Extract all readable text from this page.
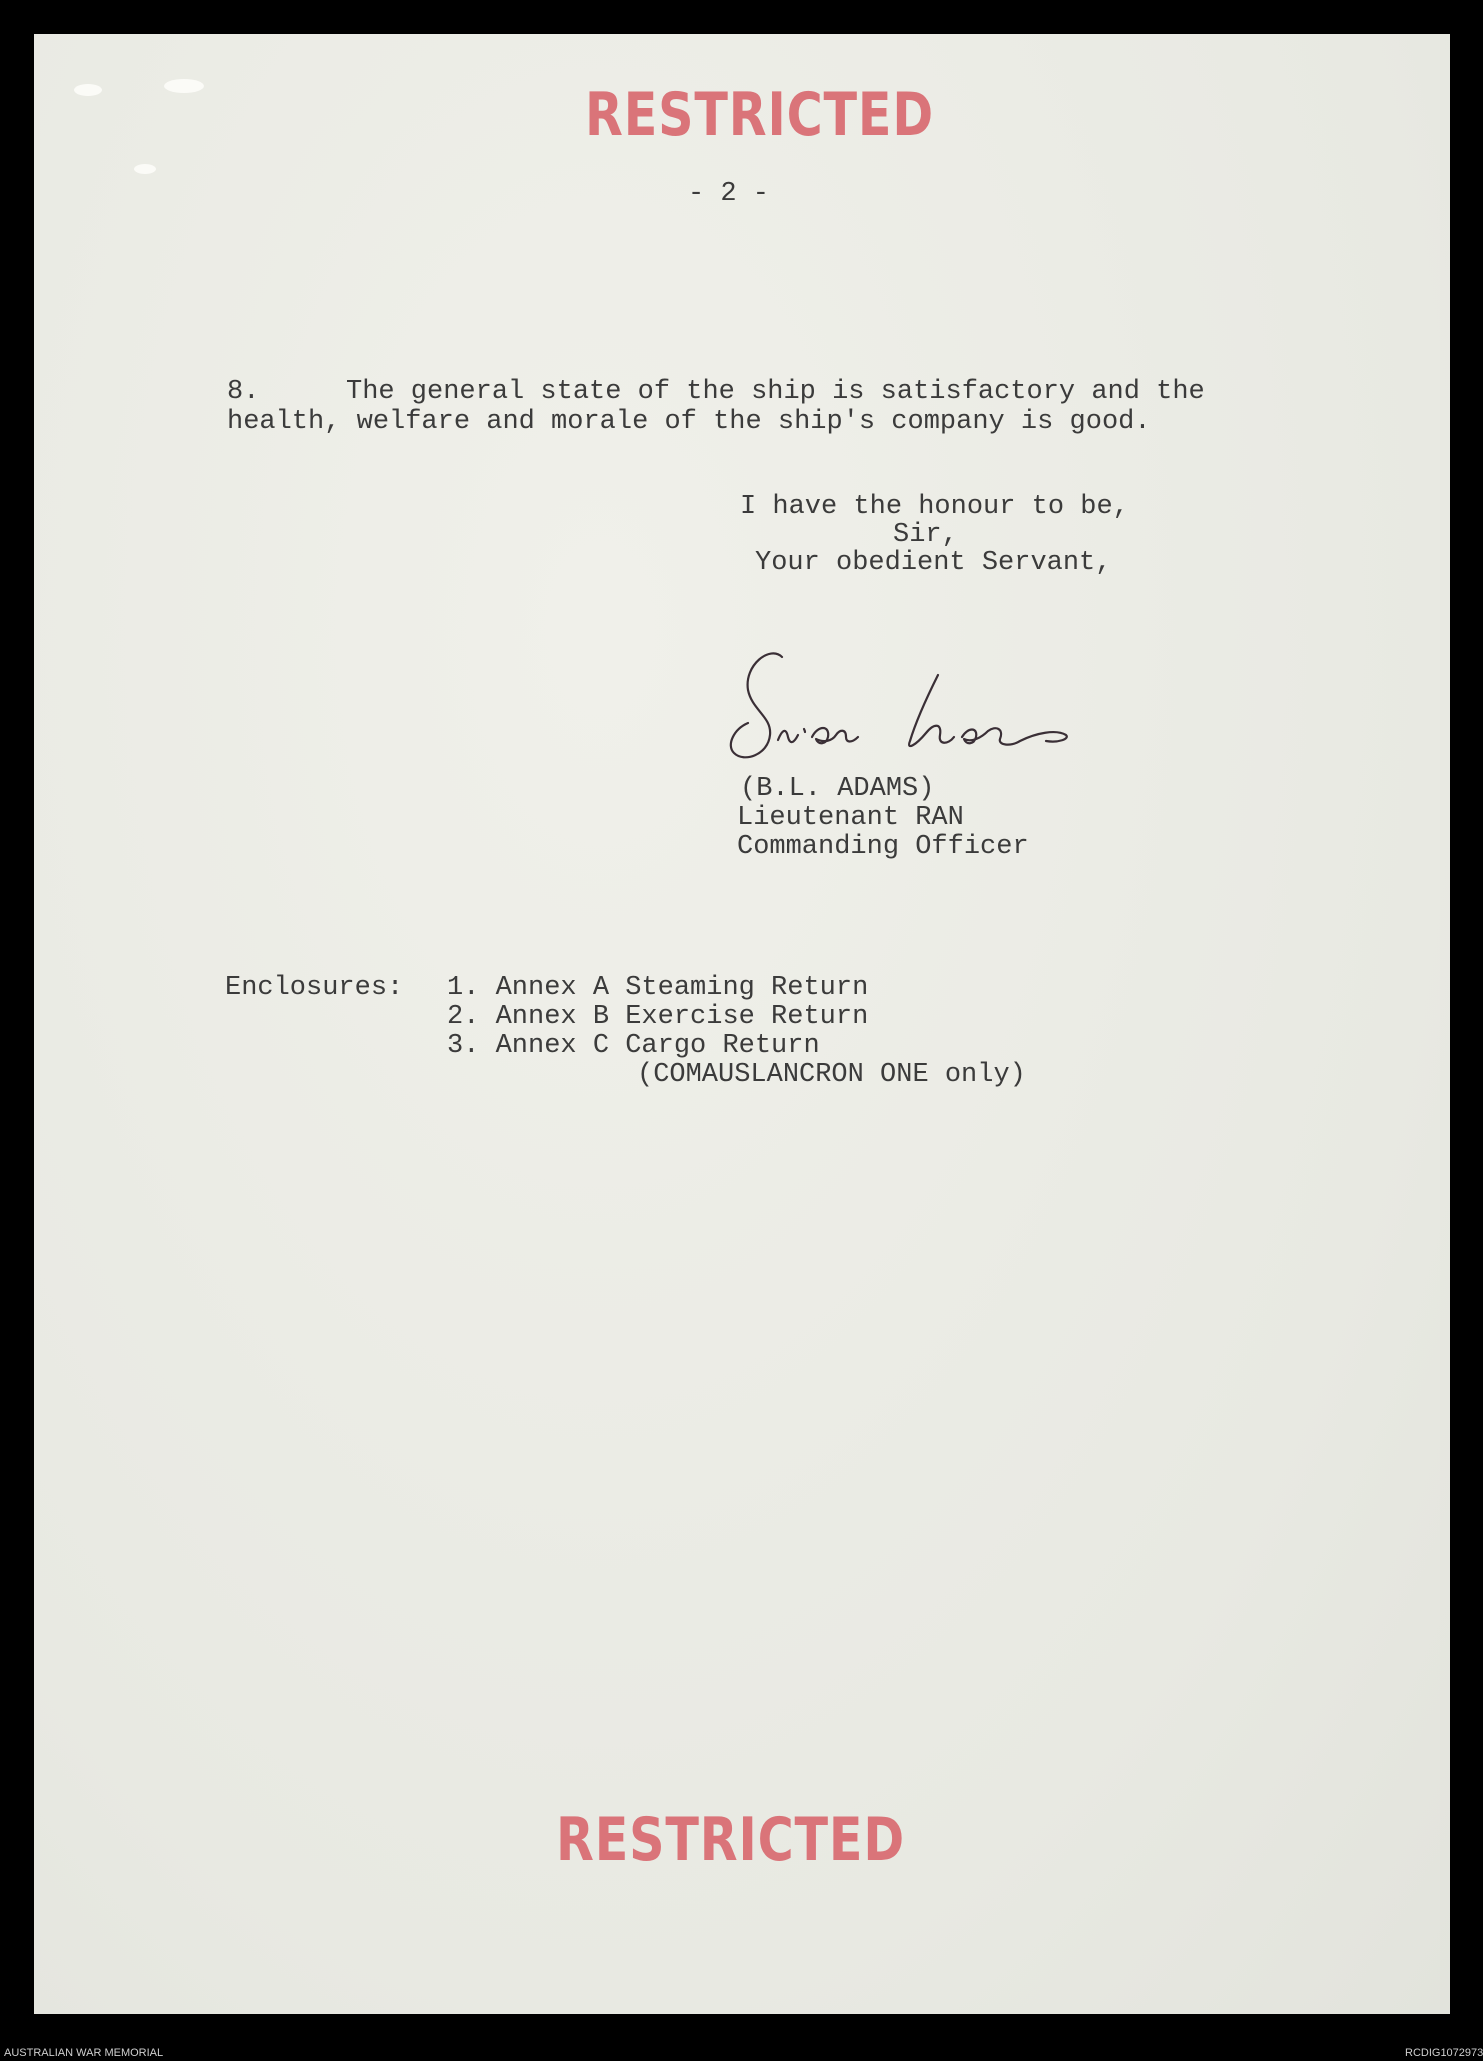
RESTRICTED
- 2 -
8.	The general state of the ship is satisfactory and the
health, welfare and morale of the ship's company is good.
I have the honour to be,
Sir,
Your obedient Servant,
(B.L. ADAMS)
Lieutenant RAN
Commanding Officer
Enclosures: 1. Annex A Steaming Return
2. Annex B Exercise Return
3. Annex C Cargo Return
(COMAUSLANCRON ONE only)
RESTRICTED
AUSTRALIAN WAR MEMORIAL	RCDIG1072973
